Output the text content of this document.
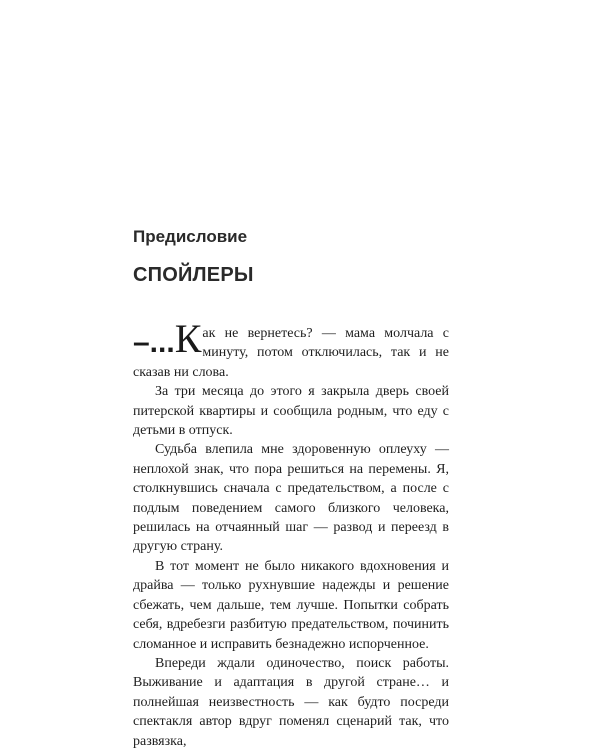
Предисловие
СПОЙЛЕРЫ

–...К ак не вернетесь? — мама молчала с минуту, потом отключилась, так и не сказав ни слова.

За три месяца до этого я закрыла дверь своей питерской квартиры и сообщила родным, что еду с детьми в отпуск.

Судьба влепила мне здоровенную оплеуху — неплохой знак, что пора решиться на перемены. Я, столкнувшись сначала с предательством, а после с подлым поведением самого близкого человека, решилась на отчаянный шаг — развод и переезд в другую страну.

В тот момент не было никакого вдохновения и драйва — только рухнувшие надежды и решение сбежать, чем дальше, тем лучше. Попытки собрать себя, вдребезги разбитую предательством, починить сломанное и исправить безнадежно испорченное.

Впереди ждали одиночество, поиск работы. Выживание и адаптация в другой стране… и полнейшая неизвестность — как будто посреди спектакля автор вдруг поменял сценарий так, что развязка,
